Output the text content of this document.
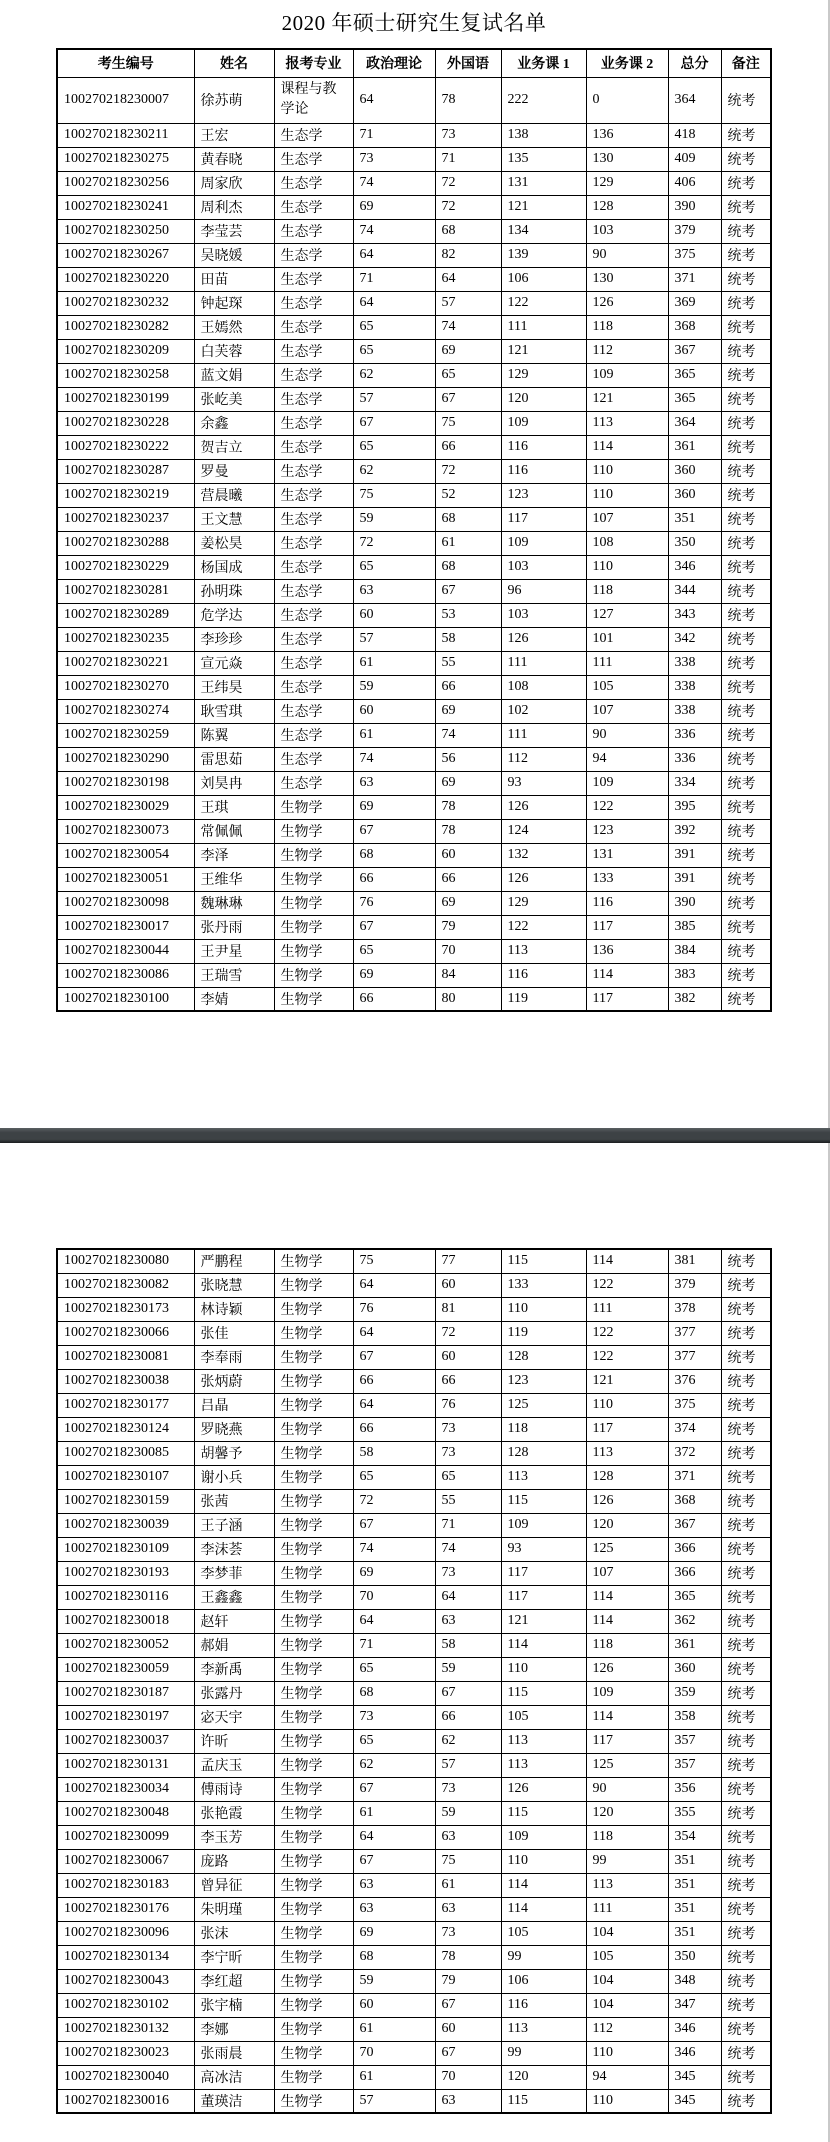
2020 年硕士研究生复试名单
考生编号	姓名	报考专业	政治理论	外国语	业务课 1	业务课 2	总分	备注
100270218230007	徐苏萌	课程与教学论	64	78	222	0	364	统考
100270218230211	王宏	生态学	71	73	138	136	418	统考
100270218230275	黄春晓	生态学	73	71	135	130	409	统考
100270218230256	周家欣	生态学	74	72	131	129	406	统考
100270218230241	周利杰	生态学	69	72	121	128	390	统考
100270218230250	李莹芸	生态学	74	68	134	103	379	统考
100270218230267	吴晓媛	生态学	64	82	139	90	375	统考
100270218230220	田苗	生态学	71	64	106	130	371	统考
100270218230232	钟起琛	生态学	64	57	122	126	369	统考
100270218230282	王嫣然	生态学	65	74	111	118	368	统考
100270218230209	白芙蓉	生态学	65	69	121	112	367	统考
100270218230258	蓝文娟	生态学	62	65	129	109	365	统考
100270218230199	张屹美	生态学	57	67	120	121	365	统考
100270218230228	余鑫	生态学	67	75	109	113	364	统考
100270218230222	贺吉立	生态学	65	66	116	114	361	统考
100270218230287	罗曼	生态学	62	72	116	110	360	统考
100270218230219	营晨曦	生态学	75	52	123	110	360	统考
100270218230237	王文慧	生态学	59	68	117	107	351	统考
100270218230288	姜松昊	生态学	72	61	109	108	350	统考
100270218230229	杨国成	生态学	65	68	103	110	346	统考
100270218230281	孙明珠	生态学	63	67	96	118	344	统考
100270218230289	危学达	生态学	60	53	103	127	343	统考
100270218230235	李珍珍	生态学	57	58	126	101	342	统考
100270218230221	宣元焱	生态学	61	55	111	111	338	统考
100270218230270	王纬昊	生态学	59	66	108	105	338	统考
100270218230274	耿雪琪	生态学	60	69	102	107	338	统考
100270218230259	陈翼	生态学	61	74	111	90	336	统考
100270218230290	雷思茹	生态学	74	56	112	94	336	统考
100270218230198	刘昊冉	生态学	63	69	93	109	334	统考
100270218230029	王琪	生物学	69	78	126	122	395	统考
100270218230073	常佩佩	生物学	67	78	124	123	392	统考
100270218230054	李泽	生物学	68	60	132	131	391	统考
100270218230051	王维华	生物学	66	66	126	133	391	统考
100270218230098	魏琳琳	生物学	76	69	129	116	390	统考
100270218230017	张丹雨	生物学	67	79	122	117	385	统考
100270218230044	王尹星	生物学	65	70	113	136	384	统考
100270218230086	王瑞雪	生物学	69	84	116	114	383	统考
100270218230100	李婧	生物学	66	80	119	117	382	统考
100270218230080	严鹏程	生物学	75	77	115	114	381	统考
100270218230082	张晓慧	生物学	64	60	133	122	379	统考
100270218230173	林诗颖	生物学	76	81	110	111	378	统考
100270218230066	张佳	生物学	64	72	119	122	377	统考
100270218230081	李奉雨	生物学	67	60	128	122	377	统考
100270218230038	张炳蔚	生物学	66	66	123	121	376	统考
100270218230177	吕晶	生物学	64	76	125	110	375	统考
100270218230124	罗晓燕	生物学	66	73	118	117	374	统考
100270218230085	胡馨予	生物学	58	73	128	113	372	统考
100270218230107	谢小兵	生物学	65	65	113	128	371	统考
100270218230159	张茜	生物学	72	55	115	126	368	统考
100270218230039	王子涵	生物学	67	71	109	120	367	统考
100270218230109	李沫荟	生物学	74	74	93	125	366	统考
100270218230193	李梦菲	生物学	69	73	117	107	366	统考
100270218230116	王鑫鑫	生物学	70	64	117	114	365	统考
100270218230018	赵轩	生物学	64	63	121	114	362	统考
100270218230052	郝娟	生物学	71	58	114	118	361	统考
100270218230059	李新禹	生物学	65	59	110	126	360	统考
100270218230187	张露丹	生物学	68	67	115	109	359	统考
100270218230197	宓天宇	生物学	73	66	105	114	358	统考
100270218230037	许昕	生物学	65	62	113	117	357	统考
100270218230131	孟庆玉	生物学	62	57	113	125	357	统考
100270218230034	傅雨诗	生物学	67	73	126	90	356	统考
100270218230048	张艳霞	生物学	61	59	115	120	355	统考
100270218230099	李玉芳	生物学	64	63	109	118	354	统考
100270218230067	庞路	生物学	67	75	110	99	351	统考
100270218230183	曾异征	生物学	63	61	114	113	351	统考
100270218230176	朱明瑾	生物学	63	63	114	111	351	统考
100270218230096	张沫	生物学	69	73	105	104	351	统考
100270218230134	李宁昕	生物学	68	78	99	105	350	统考
100270218230043	李红超	生物学	59	79	106	104	348	统考
100270218230102	张宇楠	生物学	60	67	116	104	347	统考
100270218230132	李娜	生物学	61	60	113	112	346	统考
100270218230023	张雨晨	生物学	70	67	99	110	346	统考
100270218230040	高冰洁	生物学	61	70	120	94	345	统考
100270218230016	董瑛洁	生物学	57	63	115	110	345	统考
